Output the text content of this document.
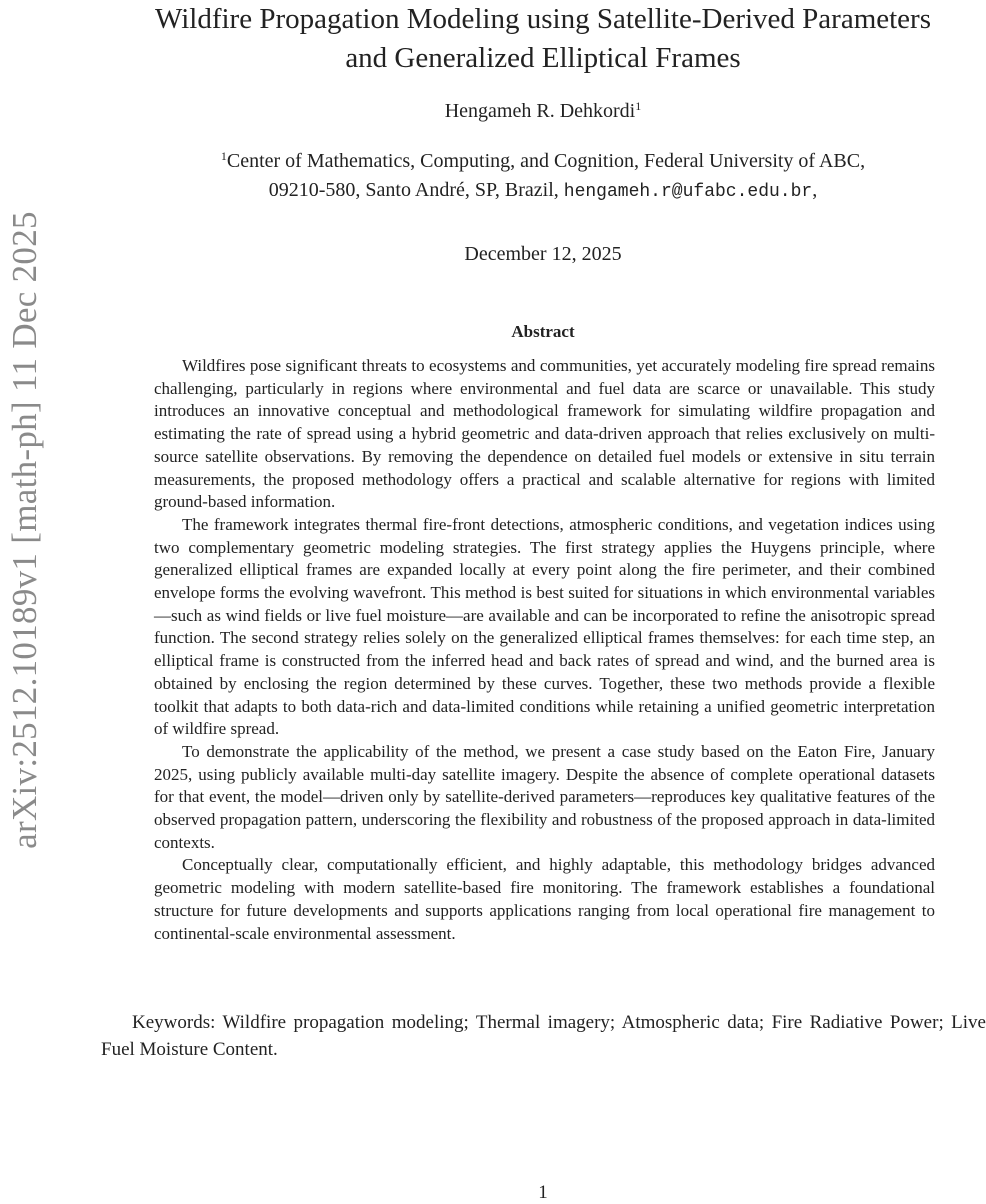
arXiv:2512.10189v1 [math-ph] 11 Dec 2025
Wildfire Propagation Modeling using Satellite-Derived Parameters
and Generalized Elliptical Frames
Hengameh R. Dehkordi$^1$
$^1$Center of Mathematics, Computing, and Cognition, Federal University of ABC,
09210-580, Santo André, SP, Brazil, hengameh.r@ufabc.edu.br,
December 12, 2025
Abstract

Wildfires pose significant threats to ecosystems and communities, yet accurately modeling fire spread remains challenging, particularly in regions where environmental and fuel data are scarce or unavailable. This study introduces an innovative conceptual and methodological framework for simulating wildfire propagation and estimating the rate of spread using a hybrid geometric and data-driven approach that relies exclusively on multi-source satellite observations. By removing the dependence on detailed fuel models or extensive in situ terrain measurements, the proposed methodology offers a practical and scalable alternative for regions with limited ground-based information.

The framework integrates thermal fire-front detections, atmospheric conditions, and vegetation indices using two complementary geometric modeling strategies. The first strategy applies the Huygens principle, where generalized elliptical frames are expanded locally at every point along the fire perimeter, and their combined envelope forms the evolving wavefront. This method is best suited for situations in which environmental variables—such as wind fields or live fuel moisture—are available and can be incorporated to refine the anisotropic spread function. The second strategy relies solely on the generalized elliptical frames themselves: for each time step, an elliptical frame is constructed from the inferred head and back rates of spread and wind, and the burned area is obtained by enclosing the region determined by these curves. Together, these two methods provide a flexible toolkit that adapts to both data-rich and data-limited conditions while retaining a unified geometric interpretation of wildfire spread.

To demonstrate the applicability of the method, we present a case study based on the Eaton Fire, January 2025, using publicly available multi-day satellite imagery. Despite the absence of complete operational datasets for that event, the model—driven only by satellite-derived parameters—reproduces key qualitative features of the observed propagation pattern, underscoring the flexibility and robustness of the proposed approach in data-limited contexts.

Conceptually clear, computationally efficient, and highly adaptable, this methodology bridges advanced geometric modeling with modern satellite-based fire monitoring. The framework establishes a foundational structure for future developments and supports applications ranging from local operational fire management to continental-scale environmental assessment.

Keywords: Wildfire propagation modeling; Thermal imagery; Atmospheric data; Fire Radiative Power; Live Fuel Moisture Content.

1
